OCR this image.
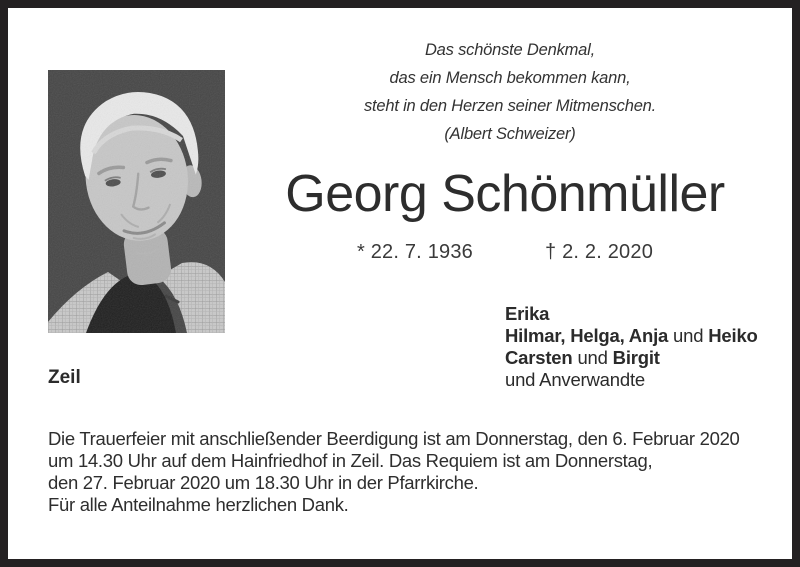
Das schönste Denkmal,
das ein Mensch bekommen kann,
steht in den Herzen seiner Mitmenschen.
(Albert Schweizer)
Georg Schönmüller
* 22. 7. 1936	† 2. 2. 2020
Erika
Hilmar, Helga, Anja und Heiko
Carsten und Birgit
und Anverwandte
Zeil
Die Trauerfeier mit anschließender Beerdigung ist am Donnerstag, den 6. Februar 2020
um 14.30 Uhr auf dem Hainfriedhof in Zeil. Das Requiem ist am Donnerstag,
den 27. Februar 2020 um 18.30 Uhr in der Pfarrkirche.
Für alle Anteilnahme herzlichen Dank.
